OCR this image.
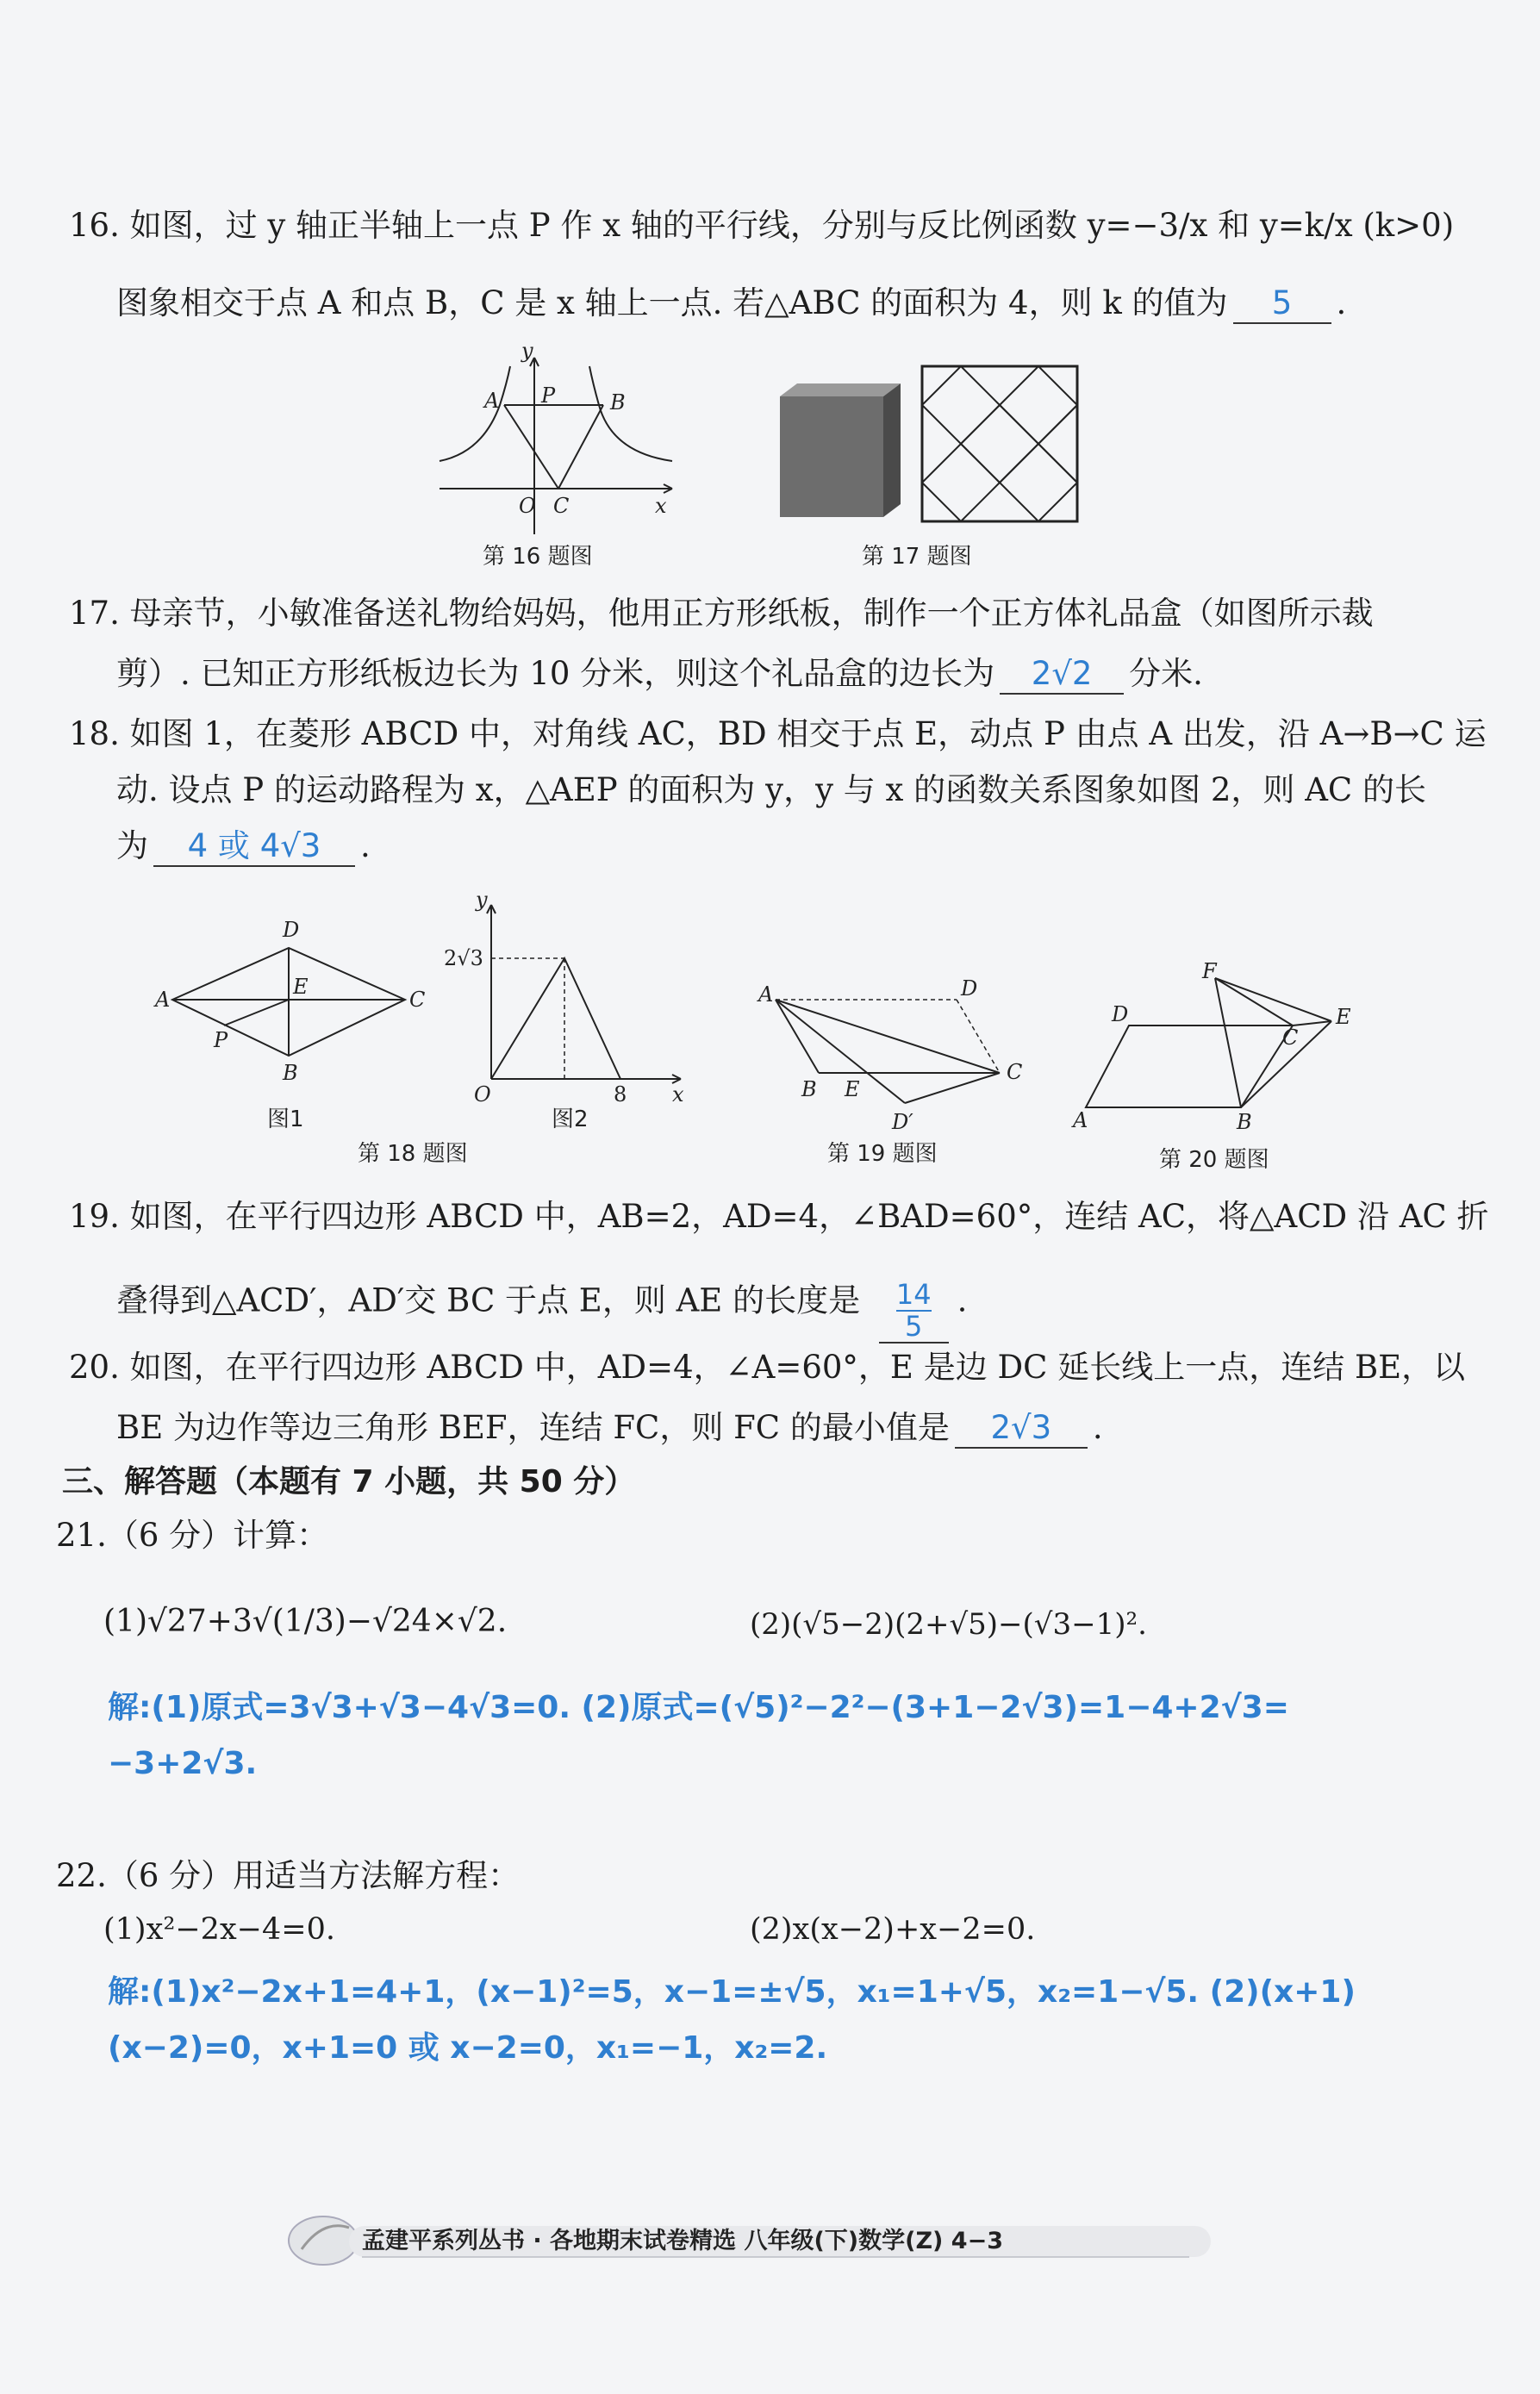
16. 如图，过 y 轴正半轴上一点 P 作 x 轴的平行线，分别与反比例函数 y=−3/x 和 y=k/x (k>0)
图象相交于点 A 和点 B，C 是 x 轴上一点. 若△ABC 的面积为 4，则 k 的值为 5 .
y
A P	B
O C	x
第 16 题图	第 17 题图
17. 母亲节，小敏准备送礼物给妈妈，他用正方形纸板，制作一个正方体礼品盒（如图所示裁
剪）. 已知正方形纸板边长为 10 分米，则这个礼品盒的边长为 2√2 分米.
18. 如图 1，在菱形 ABCD 中，对角线 AC，BD 相交于点 E，动点 P 由点 A 出发，沿 A→B→C 运
动. 设点 P 的运动路程为 x，△AEP 的面积为 y，y 与 x 的函数关系图象如图 2，则 AC 的长
为 4 或 4√3 .
D
A
E
C
P
B
图1
y
2√3
O	8 x
图2
第 18 题图
A	D
B E
C
D′
第 19 题图
F
D
C
E
A	B
第 20 题图
19. 如图，在平行四边形 ABCD 中，AB=2，AD=4，∠BAD=60°，连结 AC，将△ACD 沿 AC 折
叠得到△ACD′，AD′交 BC 于点 E，则 AE 的长度是 $\frac{14}{5}$ .
20. 如图，在平行四边形 ABCD 中，AD=4，∠A=60°，E 是边 DC 延长线上一点，连结 BE，以
BE 为边作等边三角形 BEF，连结 FC，则 FC 的最小值是 2√3 .
三、解答题（本题有 7 小题，共 50 分）
21.（6 分）计算：
(1)√27+3√(1/3)−√24×√2.	(2)(√5−2)(2+√5)−(√3−1)².
解:(1)原式=3√3+√3−4√3=0. (2)原式=(√5)²−2²−(3+1−2√3)=1−4+2√3=
−3+2√3.
22.（6 分）用适当方法解方程：
(1)x²−2x−4=0.	(2)x(x−2)+x−2=0.
解:(1)x²−2x+1=4+1，(x−1)²=5，x−1=±√5，x₁=1+√5，x₂=1−√5. (2)(x+1)
(x−2)=0，x+1=0 或 x−2=0，x₁=−1，x₂=2.
孟建平系列丛书 · 各地期末试卷精选 八年级(下)数学(Z) 4−3
